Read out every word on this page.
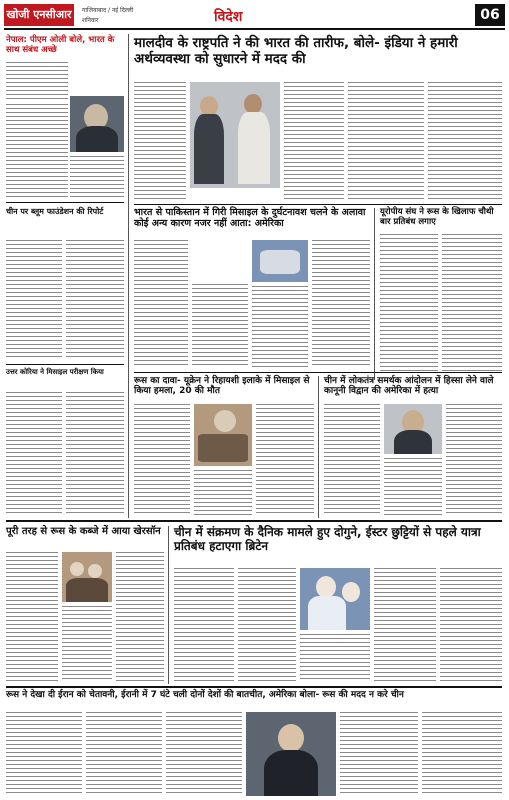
खोजी एनसीआर	गाजियाबाद / नई दिल्ली
शनिवार	विदेश	06
नेपाल: पीएम ओली बोले, भारत के साथ संबंध अच्छे
चीन पर ब्लूम फाउंडेशन की रिपोर्ट
उत्तर कोरिया ने मिसाइल परीक्षण किया
मालदीव के राष्ट्रपति ने की भारत की तारीफ, बोले- इंडिया ने हमारी अर्थव्यवस्था को सुधारने में मदद की
भारत से पाकिस्तान में गिरी मिसाइल के दुर्घटनावश चलने के अलावा कोई अन्य कारण नजर नहीं आता: अमेरिका
यूरोपीय संघ ने रूस के खिलाफ चौथी बार प्रतिबंध लगाए
रूस का दावा- यूक्रेन ने रिहायशी इलाके में मिसाइल से किया हमला, 20 की मौत
चीन में लोकतंत्र समर्थक आंदोलन में हिस्सा लेने वाले कानूनी विद्वान की अमेरिका में हत्या
पूरी तरह से रूस के कब्जे में आया खेरसॉन चीन में संक्रमण के दैनिक मामले हुए दोगुने, ईस्टर छुट्टियों से पहले यात्रा प्रतिबंध हटाएगा ब्रिटेन
रूस ने देखा दी ईरान को चेतावनी, ईरानी में 7 घंटे चली दोनों देशों की बातचीत, अमेरिका बोला- रूस की मदद न करे चीन
